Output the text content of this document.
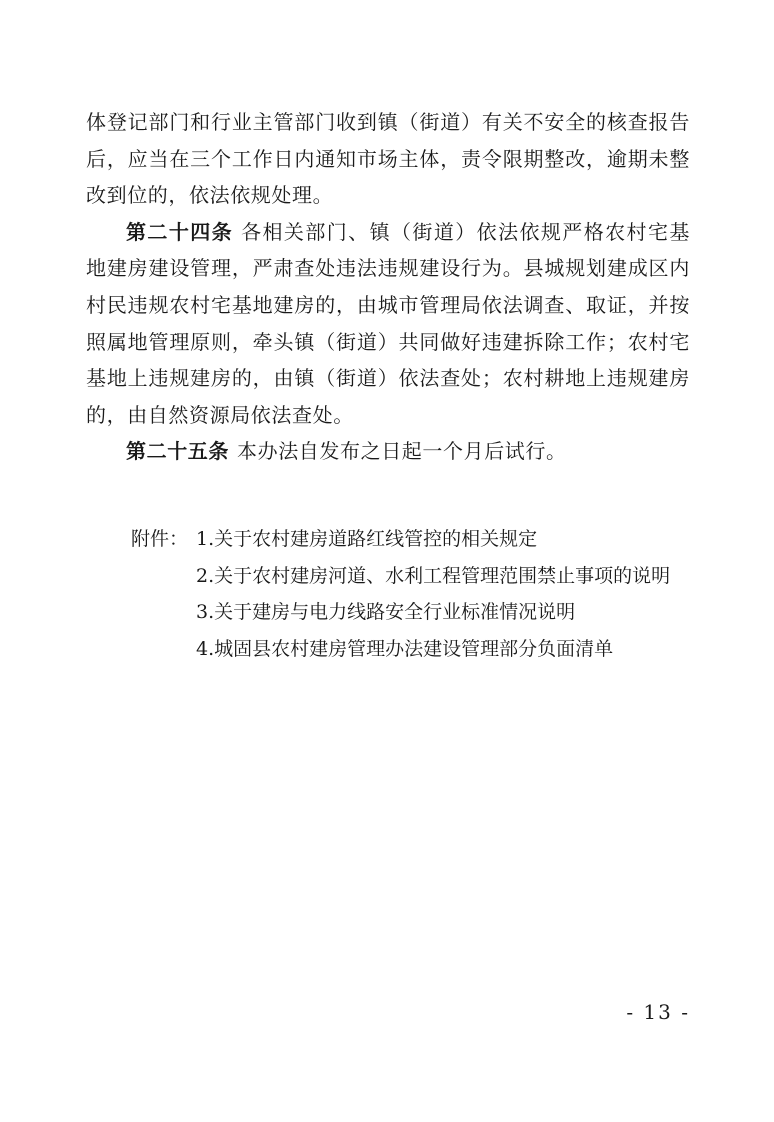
体登记部门和行业主管部门收到镇（街道）有关不安全的核查报告后，应当在三个工作日内通知市场主体，责令限期整改，逾期未整改到位的，依法依规处理。

第二十四条 各相关部门、镇（街道）依法依规严格农村宅基地建房建设管理，严肃查处违法违规建设行为。县城规划建成区内村民违规农村宅基地建房的，由城市管理局依法调查、取证，并按照属地管理原则，牵头镇（街道）共同做好违建拆除工作；农村宅基地上违规建房的，由镇（街道）依法查处；农村耕地上违规建房的，由自然资源局依法查处。

第二十五条 本办法自发布之日起一个月后试行。

附件： 1.关于农村建房道路红线管控的相关规定
2.关于农村建房河道、水利工程管理范围禁止事项的说明
3.关于建房与电力线路安全行业标准情况说明
4.城固县农村建房管理办法建设管理部分负面清单
- 13 -
